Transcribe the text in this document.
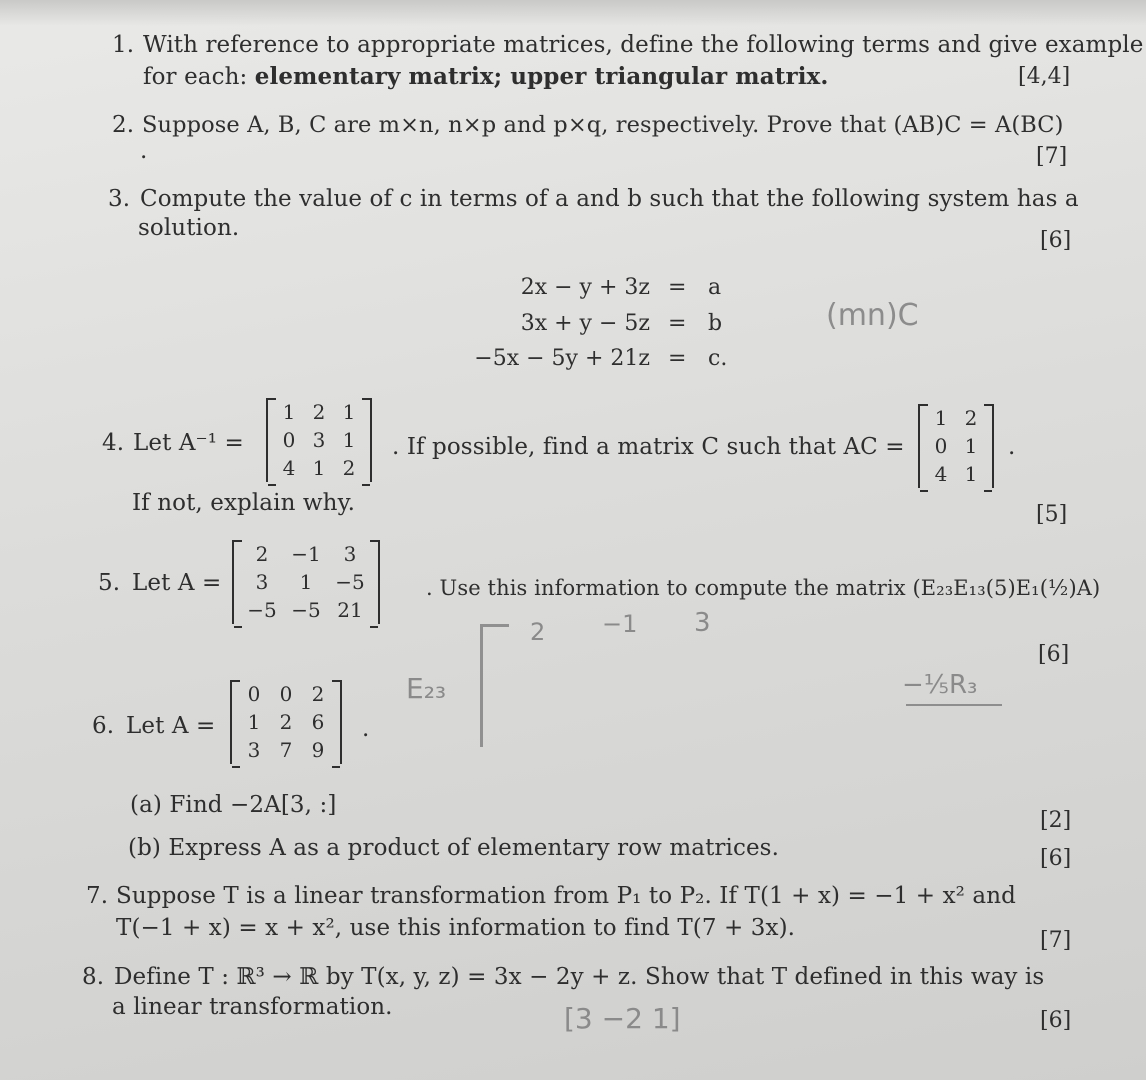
1. With reference to appropriate matrices, define the following terms and give example
for each: elementary matrix; upper triangular matrix.	[4,4]
2. Suppose A, B, C are m×n, n×p and p×q, respectively. Prove that (AB)C = A(BC)
.	[7]
3. Compute the value of c in terms of a and b such that the following system has a
solution.	[6]
2x − y + 3z = a
3x + y − 5z = b
−5x − 5y + 21z = c.
(mn)C
4. Let A⁻¹ =
1 2 1
0 3 1
4 1 2
. If possible, find a matrix C such that AC =
1 2
0 1
4 1
.
If not, explain why.	[5]
5. Let A =
2	−1	3
3	1	−5
−5 −5 21
. Use this information to compute the matrix (E₂₃E₁₃(5)E₁(½)A)
[6]
2 −1 3
E₂₃	−⅕R₃
6. Let A =
0 0 2
1 2 6
3 7 9
.
(a) Find −2A[3, :]
[2]
(b) Express A as a product of elementary row matrices.	[6]
7. Suppose T is a linear transformation from P₁ to P₂. If T(1 + x) = −1 + x² and
T(−1 + x) = x + x², use this information to find T(7 + 3x).	[7]
8. Define T : ℝ³ → ℝ by T(x, y, z) = 3x − 2y + z. Show that T defined in this way is
a linear transformation.
[6]
[3 −2 1]
